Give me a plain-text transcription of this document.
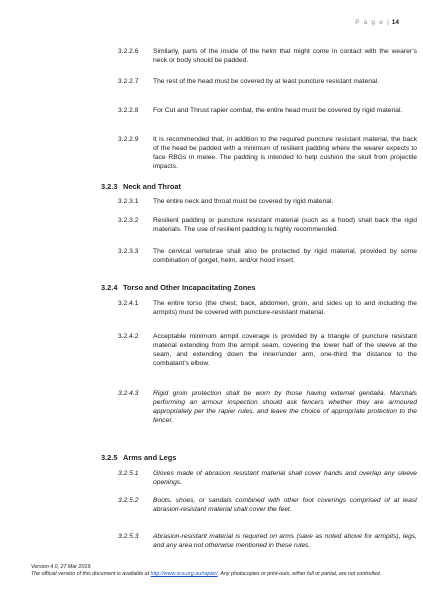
P a g e | 14
3.2.2.6	Similarly, parts of the inside of the helm that might come in contact with the wearer’s neck or body should be padded.
3.2.2.7	The rest of the head must be covered by at least puncture resistant material.
3.2.2.8	For Cut and Thrust rapier combat, the entire head must be covered by rigid material.
3.2.2.9	It is recommended that, in addition to the required puncture resistant material, the back of the head be padded with a minimum of resilient padding where the wearer expects to face RBGs in melee. The padding is intended to help cushion the skull from projectile impacts.
3.2.3 Neck and Throat
3.2.3.1	The entire neck and throat must be covered by rigid material.
3.2.3.2	Resilient padding or puncture resistant material (such as a hood) shall back the rigid materials. The use of resilient padding is highly recommended.
3.2.3.3	The cervical vertebrae shall also be protected by rigid material, provided by some combination of gorget, helm, and/or hood insert.
3.2.4 Torso and Other Incapacitating Zones
3.2.4.1	The entire torso (the chest, back, abdomen, groin, and sides up to and including the armpits) must be covered with puncture-resistant material.
3.2.4.2	Acceptable minimum armpit coverage is provided by a triangle of puncture resistant material extending from the armpit seam, covering the lower half of the sleeve at the seam, and extending down the inner/under arm, one-third the distance to the combatant’s elbow.
3.2.4.3	Rigid groin protection shall be worn by those having external genitalia. Marshals performing an armour inspection should ask fencers whether they are armoured appropriately per the rapier rules, and leave the choice of appropriate protection to the fencer.
3.2.5 Arms and Legs
3.2.5.1	Gloves made of abrasion resistant material shall cover hands and overlap any sleeve openings.
3.2.5.2	Boots, shoes, or sandals combined with other foot coverings comprised of at least abrasion-resistant material shall cover the feet.
3.2.5.3	Abrasion-resistant material is required on arms (save as noted above for armpits), legs, and any area not otherwise mentioned in these rules.
Version 4.0, 27 Mar 2019.
The official version of this document is available at http://www.sca.org.au/rapier/. Any photocopies or print-outs, either full or partial, are not controlled.
